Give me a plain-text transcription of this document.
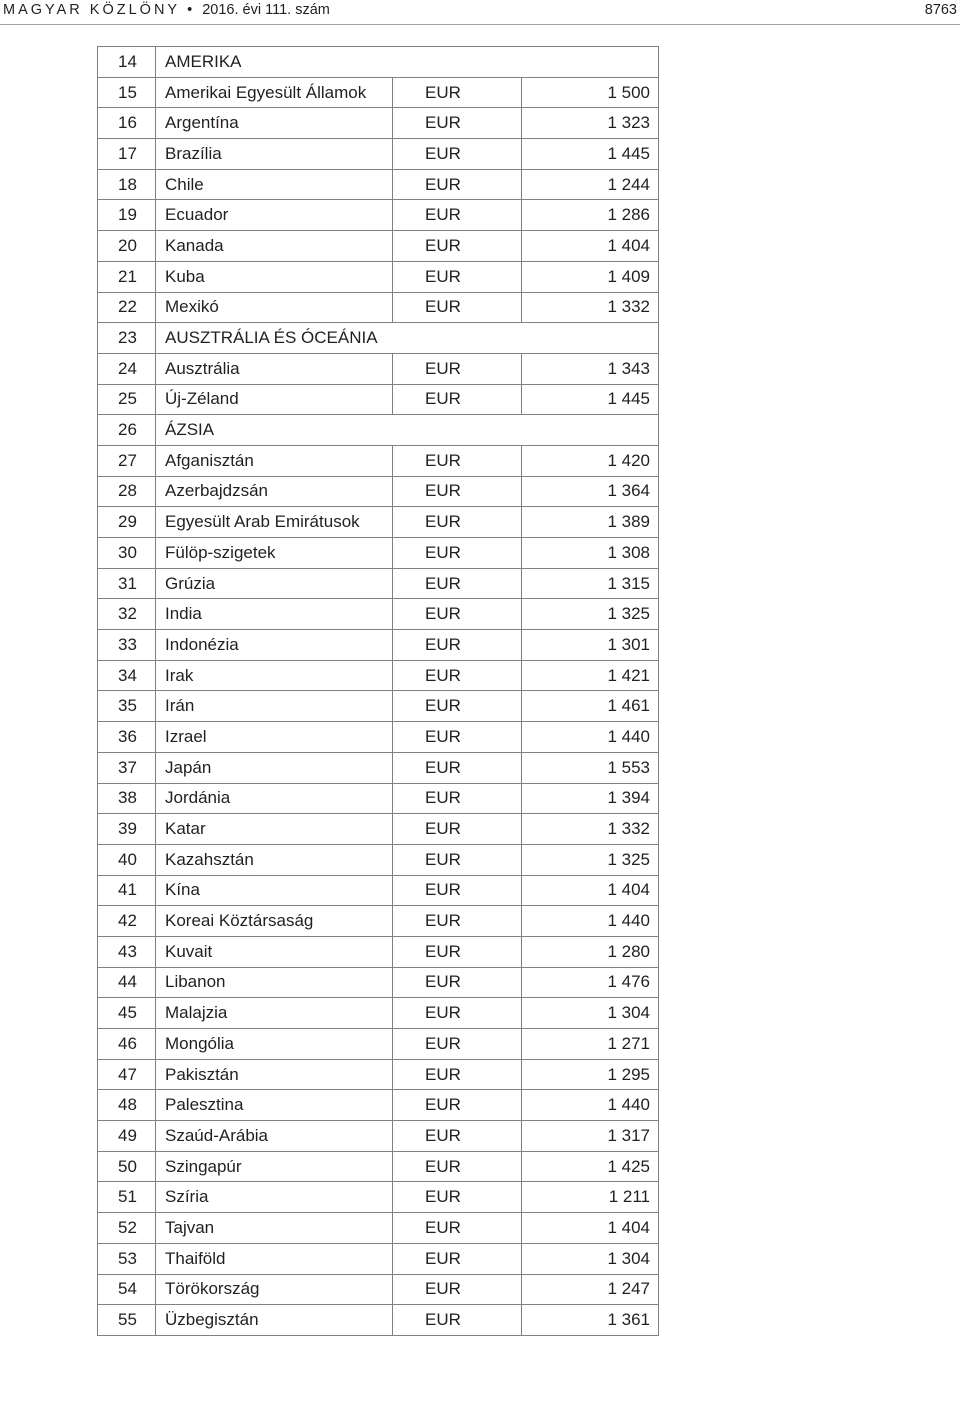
MAGYAR KÖZLÖNY • 2016. évi 111. szám	8763
14	AMERIKA		
15	Amerikai Egyesült Államok	EUR	1 500
16	Argentína	EUR	1 323
17	Brazília	EUR	1 445
18	Chile	EUR	1 244
19	Ecuador	EUR	1 286
20	Kanada	EUR	1 404
21	Kuba	EUR	1 409
22	Mexikó	EUR	1 332
23	AUSZTRÁLIA ÉS ÓCEÁNIA		
24	Ausztrália	EUR	1 343
25	Új-Zéland	EUR	1 445
26	ÁZSIA		
27	Afganisztán	EUR	1 420
28	Azerbajdzsán	EUR	1 364
29	Egyesült Arab Emirátusok	EUR	1 389
30	Fülöp-szigetek	EUR	1 308
31	Grúzia	EUR	1 315
32	India	EUR	1 325
33	Indonézia	EUR	1 301
34	Irak	EUR	1 421
35	Irán	EUR	1 461
36	Izrael	EUR	1 440
37	Japán	EUR	1 553
38	Jordánia	EUR	1 394
39	Katar	EUR	1 332
40	Kazahsztán	EUR	1 325
41	Kína	EUR	1 404
42	Koreai Köztársaság	EUR	1 440
43	Kuvait	EUR	1 280
44	Libanon	EUR	1 476
45	Malajzia	EUR	1 304
46	Mongólia	EUR	1 271
47	Pakisztán	EUR	1 295
48	Palesztina	EUR	1 440
49	Szaúd-Arábia	EUR	1 317
50	Szingapúr	EUR	1 425
51	Szíria	EUR	1 211
52	Tajvan	EUR	1 404
53	Thaiföld	EUR	1 304
54	Törökország	EUR	1 247
55	Üzbegisztán	EUR	1 361
